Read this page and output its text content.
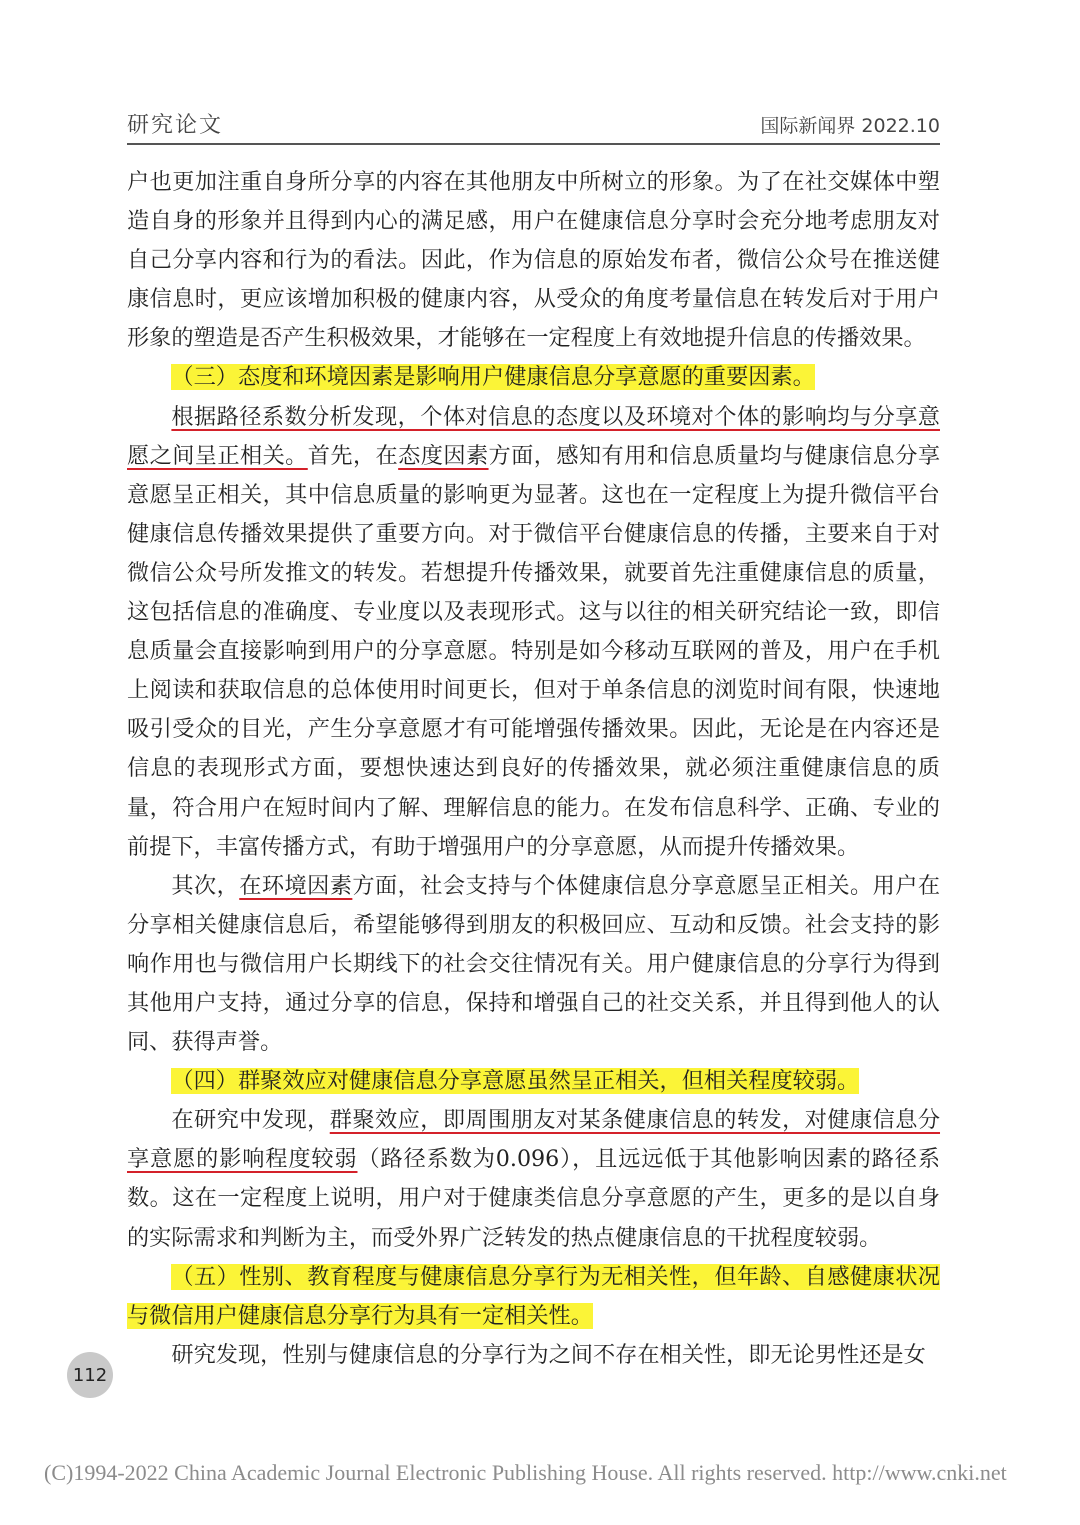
研究论文	国际新闻界 2022.10

户也更加注重自身所分享的内容在其他朋友中所树立的形象。为了在社交媒体中塑造自身的形象并且得到内心的满足感，用户在健康信息分享时会充分地考虑朋友对自己分享内容和行为的看法。因此，作为信息的原始发布者，微信公众号在推送健康信息时，更应该增加积极的健康内容，从受众的角度考量信息在转发后对于用户形象的塑造是否产生积极效果，才能够在一定程度上有效地提升信息的传播效果。

（三）态度和环境因素是影响用户健康信息分享意愿的重要因素。

根据路径系数分析发现，个体对信息的态度以及环境对个体的影响均与分享意愿之间呈正相关。首先，在态度因素方面，感知有用和信息质量均与健康信息分享意愿呈正相关，其中信息质量的影响更为显著。这也在一定程度上为提升微信平台健康信息传播效果提供了重要方向。对于微信平台健康信息的传播，主要来自于对微信公众号所发推文的转发。若想提升传播效果，就要首先注重健康信息的质量，这包括信息的准确度、专业度以及表现形式。这与以往的相关研究结论一致，即信息质量会直接影响到用户的分享意愿。特别是如今移动互联网的普及，用户在手机上阅读和获取信息的总体使用时间更长，但对于单条信息的浏览时间有限，快速地吸引受众的目光，产生分享意愿才有可能增强传播效果。因此，无论是在内容还是信息的表现形式方面，要想快速达到良好的传播效果，就必须注重健康信息的质量，符合用户在短时间内了解、理解信息的能力。在发布信息科学、正确、专业的前提下，丰富传播方式，有助于增强用户的分享意愿，从而提升传播效果。

其次，在环境因素方面，社会支持与个体健康信息分享意愿呈正相关。用户在分享相关健康信息后，希望能够得到朋友的积极回应、互动和反馈。社会支持的影响作用也与微信用户长期线下的社会交往情况有关。用户健康信息的分享行为得到其他用户支持，通过分享的信息，保持和增强自己的社交关系，并且得到他人的认同、获得声誉。

（四）群聚效应对健康信息分享意愿虽然呈正相关，但相关程度较弱。

在研究中发现，群聚效应，即周围朋友对某条健康信息的转发，对健康信息分享意愿的影响程度较弱（路径系数为0.096），且远远低于其他影响因素的路径系数。这在一定程度上说明，用户对于健康类信息分享意愿的产生，更多的是以自身的实际需求和判断为主，而受外界广泛转发的热点健康信息的干扰程度较弱。

（五）性别、教育程度与健康信息分享行为无相关性，但年龄、自感健康状况与微信用户健康信息分享行为具有一定相关性。

研究发现，性别与健康信息的分享行为之间不存在相关性，即无论男性还是女

112
(C)1994-2022 China Academic Journal Electronic Publishing House. All rights reserved. http://www.cnki.net
